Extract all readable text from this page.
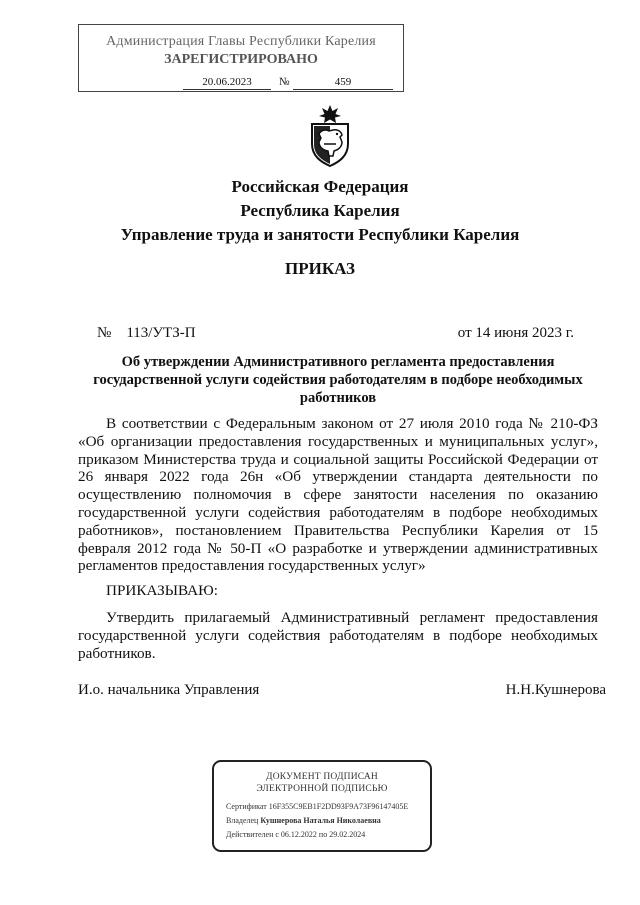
Администрация Главы Республики Карелия
ЗАРЕГИСТРИРОВАНО
20.06.2023	№	459
Российская Федерация
Республика Карелия
Управление труда и занятости Республики Карелия
ПРИКАЗ
№ 113/УТЗ-П	от 14 июня 2023 г.
Об утверждении Административного регламента предоставления государственной услуги содействия работодателям в подборе необходимых работников

В соответствии с Федеральным законом от 27 июля 2010 года № 210-ФЗ «Об организации предоставления государственных и муниципальных услуг», приказом Министерства труда и социальной защиты Российской Федерации от 26 января 2022 года 26н «Об утверждении стандарта деятельности по осуществлению полномочия в сфере занятости населения по оказанию государственной услуги содействия работодателям в подборе необходимых работников», постановлением Правительства Республики Карелия от 15 февраля 2012 года № 50-П «О разработке и утверждении административных регламентов предоставления государственных услуг»

ПРИКАЗЫВАЮ:

Утвердить прилагаемый Административный регламент предоставления государственной услуги содействия работодателям в подборе необходимых работников.

И.о. начальника Управления	Н.Н.Кушнерова
ДОКУМЕНТ ПОДПИСАН
ЭЛЕКТРОННОЙ ПОДПИСЬЮ
Сертификат 16F355C9EB1F2DD93F9A73F96147405E
Владелец Кушнерова Наталья Николаевна
Действителен с 06.12.2022 по 29.02.2024
